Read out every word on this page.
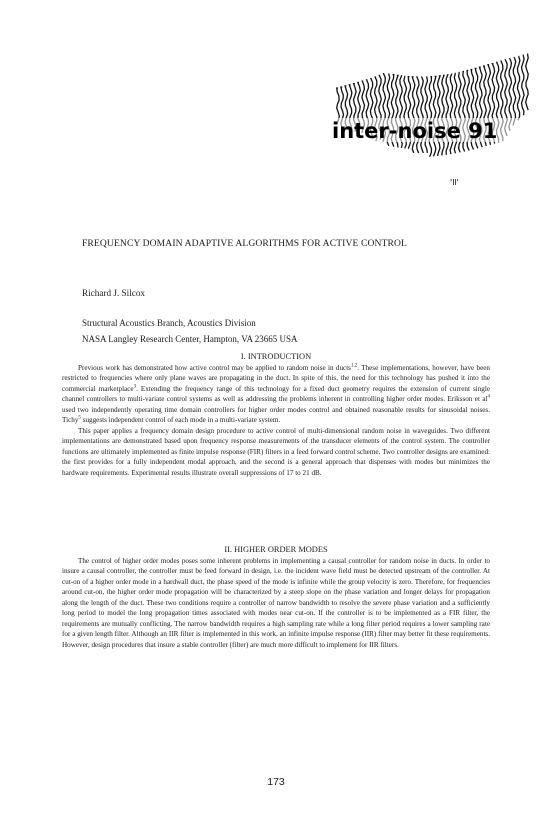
inter-noise 91
'll'
FREQUENCY DOMAIN ADAPTIVE ALGORITHMS FOR ACTIVE CONTROL
Richard J. Silcox
Structural Acoustics Branch, Acoustics Division
NASA Langley Research Center, Hampton, VA 23665 USA
I. INTRODUCTION

Previous work has demonstrated how active control may be applied to random noise in ducts$^{1,2}$. These implementations, however, have been restricted to frequencies where only plane waves are propagating in the duct. In spite of this, the need for this technology has pushed it into the commercial marketplace$^3$. Extending the frequency range of this technology for a fixed duct geometry requires the extension of current single channel controllers to multi-variate control systems as well as addressing the problems inherent in controlling higher order modes. Eriksson et $al^4$ used two independently operating time domain controllers for higher order modes control and obtained reasonable results for sinusoidal noises. Tichy$^5$ suggests independent control of each mode in a multi-variate system.

This paper applies a frequency domain design procedure to active control of multi-dimensional random noise in waveguides. Two different implementations are demonstrated based upon frequency response measurements of the transducer elements of the control system. The controller functions are ultimately implemented as finite impulse response (FIR) filters in a feed forward control scheme. Two controller designs are examined: the first provides for a fully independent modal approach, and the second is a general approach that dispenses with modes but minimizes the hardware requirements. Experimental results illustrate overall suppressions of 17 to 21 dB.

II. HIGHER ORDER MODES

The control of higher order modes poses some inherent problems in implementing a causal controller for random noise in ducts. In order to insure a causal controller, the controller must be feed forward in design, i.e. the incident wave field must be detected upstream of the controller. At cut-on of a higher order mode in a hardwall duct, the phase speed of the mode is infinite while the group velocity is zero. Therefore, for frequencies around cut-on, the higher order mode propagation will be characterized by a steep slope on the phase variation and longer delays for propagation along the length of the duct. These two conditions require a controller of narrow bandwidth to resolve the severe phase variation and a sufficiently long period to model the long propagation times associated with modes near cut-on. If the controller is to be implemented as a FIR filter, the requirements are mutually conflicting. The narrow bandwidth requires a high sampling rate while a long filter period requires a lower sampling rate for a given length filter. Although an IIR filter is implemented in this work, an infinite impulse response (IIR) filter may better fit these requirements. However, design procedures that insure a stable controller (filter) are much more difficult to implement for IIR filters.

173
